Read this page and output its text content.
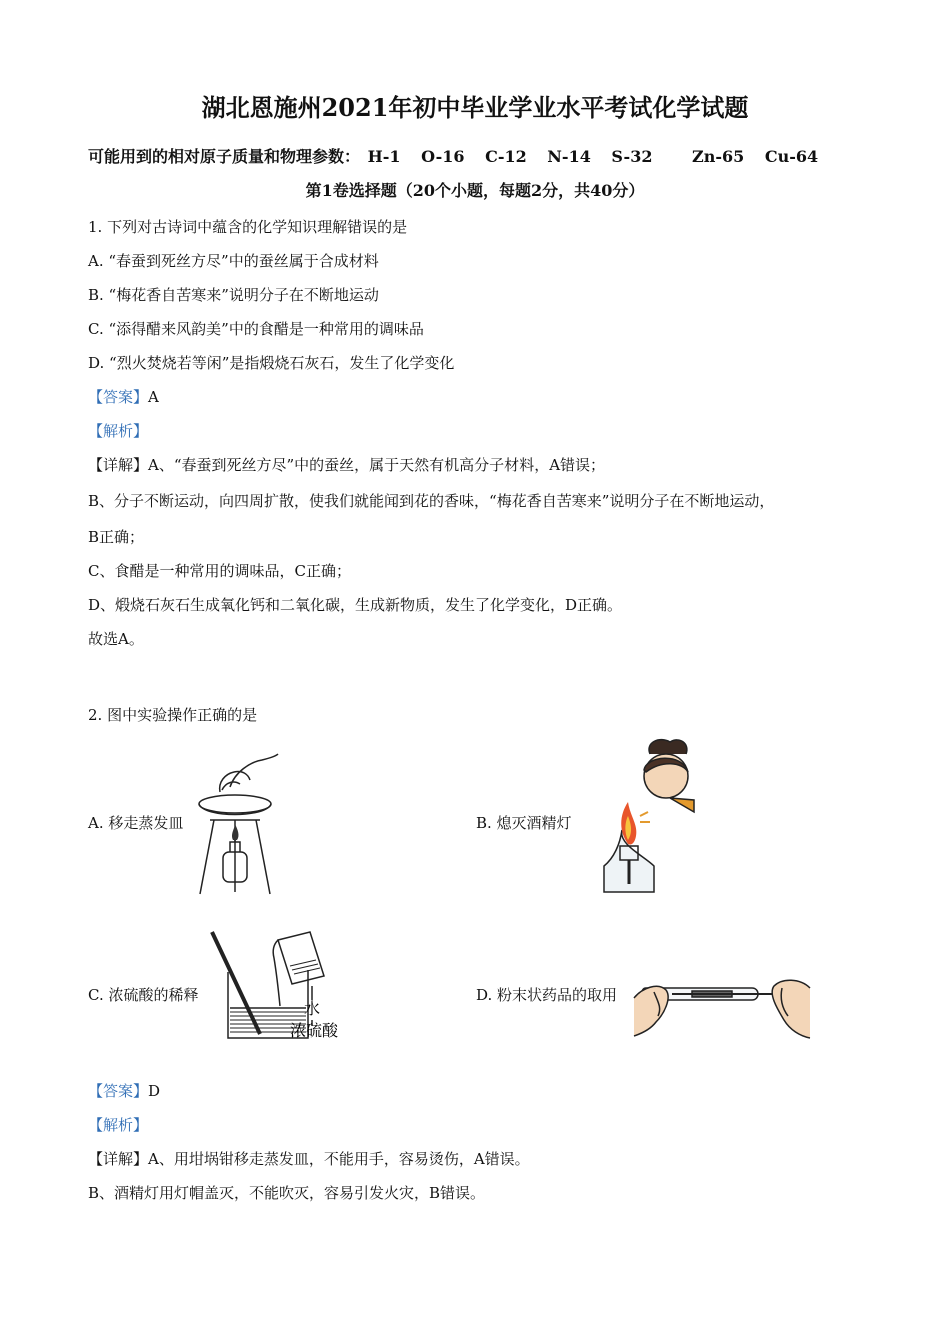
湖北恩施州2021年初中毕业学业水平考试化学试题
可能用到的相对原子质量和物理参数： H-1 O-16 C-12 N-14 S-32 Zn-65 Cu-64
第1卷选择题（20个小题，每题2分，共40分）
1. 下列对古诗词中蕴含的化学知识理解错误的是
A. “春蚕到死丝方尽”中的蚕丝属于合成材料
B. “梅花香自苦寒来”说明分子在不断地运动
C. “添得醋来风韵美”中的食醋是一种常用的调味品
D. “烈火焚烧若等闲”是指煅烧石灰石，发生了化学变化
【答案】A
【解析】
【详解】A、“春蚕到死丝方尽”中的蚕丝，属于天然有机高分子材料，A错误；
B、分子不断运动，向四周扩散，使我们就能闻到花的香味，“梅花香自苦寒来”说明分子在不断地运动，
B正确；
C、食醋是一种常用的调味品，C正确；
D、煅烧石灰石生成氧化钙和二氧化碳，生成新物质，发生了化学变化，D正确。
故选A。
2. 图中实验操作正确的是
A. 移走蒸发皿	B. 熄灭酒精灯
C. 浓硫酸的稀释	D. 粉末状药品的取用
水
浓硫酸
【答案】D
【解析】
【详解】A、用坩埚钳移走蒸发皿，不能用手，容易烫伤，A错误。
B、酒精灯用灯帽盖灭，不能吹灭，容易引发火灾，B错误。
